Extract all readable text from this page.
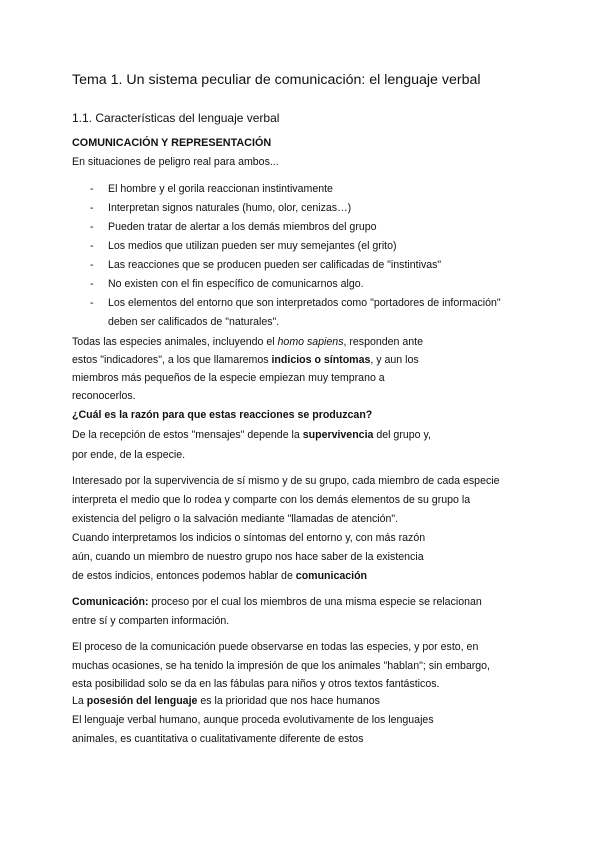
Tema 1. Un sistema peculiar de comunicación: el lenguaje verbal
1.1. Características del lenguaje verbal
COMUNICACIÓN Y REPRESENTACIÓN
En situaciones de peligro real para ambos...
- El hombre y el gorila reaccionan instintivamente
- Interpretan signos naturales (humo, olor, cenizas…)
- Pueden tratar de alertar a los demás miembros del grupo
- Los medios que utilizan pueden ser muy semejantes (el grito)
- Las reacciones que se producen pueden ser calificadas de "instintivas"
- No existen con el fin específico de comunicarnos algo.
- Los elementos del entorno que son interpretados como "portadores de información"
deben ser calificados de "naturales".
Todas las especies animales, incluyendo el homo sapiens, responden ante
estos "indicadores", a los que llamaremos indicios o síntomas, y aun los
miembros más pequeños de la especie empiezan muy temprano a
reconocerlos.
¿Cuál es la razón para que estas reacciones se produzcan?
De la recepción de estos "mensajes" depende la supervivencia del grupo y,
por ende, de la especie.
Interesado por la supervivencia de sí mismo y de su grupo, cada miembro de cada especie
interpreta el medio que lo rodea y comparte con los demás elementos de su grupo la
existencia del peligro o la salvación mediante "llamadas de atención".
Cuando interpretamos los indicios o síntomas del entorno y, con más razón
aún, cuando un miembro de nuestro grupo nos hace saber de la existencia
de estos indicios, entonces podemos hablar de comunicación
Comunicación: proceso por el cual los miembros de una misma especie se relacionan
entre sí y comparten información.
El proceso de la comunicación puede observarse en todas las especies, y por esto, en
muchas ocasiones, se ha tenido la impresión de que los animales "hablan"; sin embargo,
esta posibilidad solo se da en las fábulas para niños y otros textos fantásticos.
La posesión del lenguaje es la prioridad que nos hace humanos
El lenguaje verbal humano, aunque proceda evolutivamente de los lenguajes
animales, es cuantitativa o cualitativamente diferente de estos
